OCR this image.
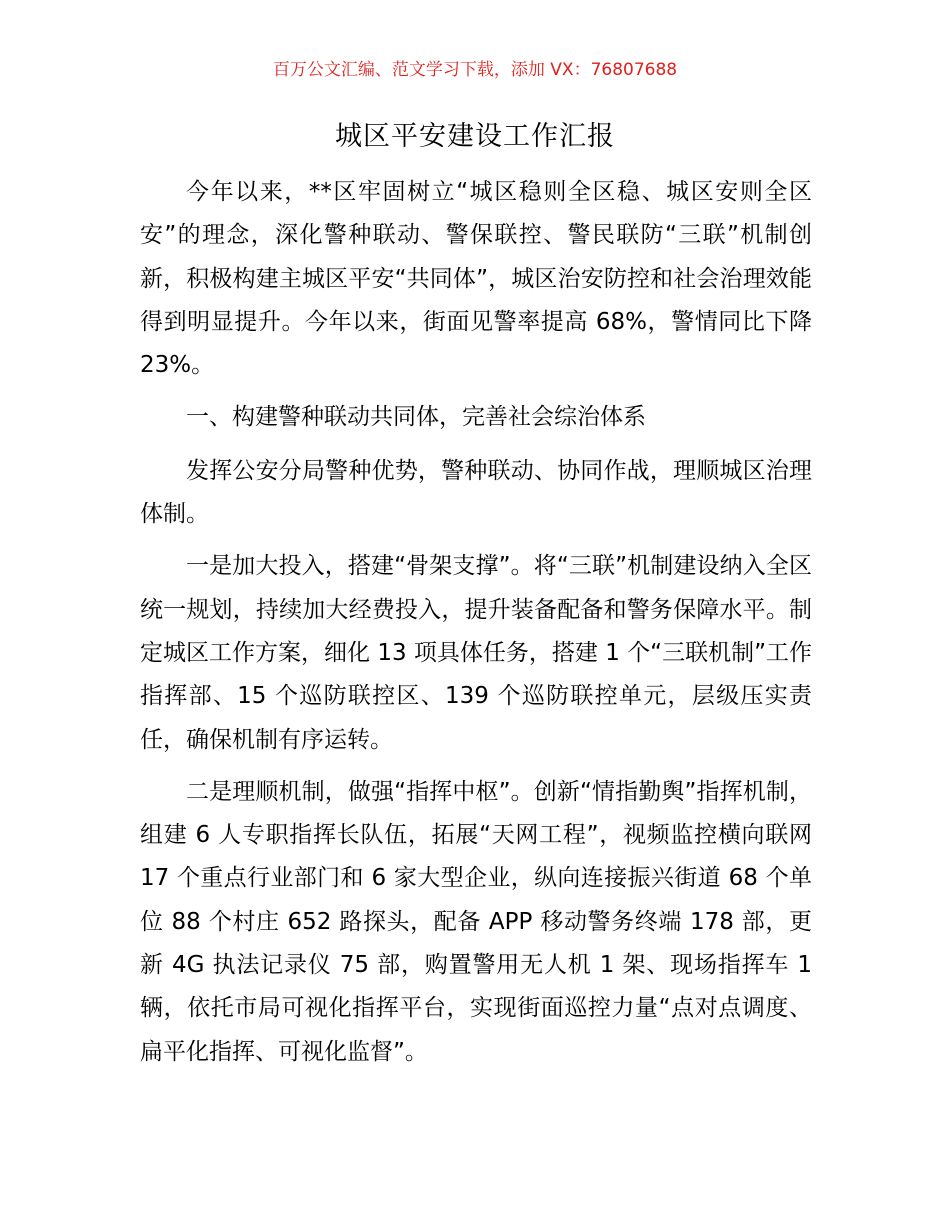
百万公文汇编、范文学习下载，添加 VX：76807688
城区平安建设工作汇报

今年以来，**区牢固树立“城区稳则全区稳、城区安则全区安”的理念，深化警种联动、警保联控、警民联防“三联”机制创新，积极构建主城区平安“共同体”，城区治安防控和社会治理效能得到明显提升。今年以来，街面见警率提高 68%，警情同比下降 23%。

一、构建警种联动共同体，完善社会综治体系

发挥公安分局警种优势，警种联动、协同作战，理顺城区治理体制。

一是加大投入，搭建“骨架支撑”。将“三联”机制建设纳入全区统一规划，持续加大经费投入，提升装备配备和警务保障水平。制定城区工作方案，细化 13 项具体任务，搭建 1 个“三联机制”工作指挥部、15 个巡防联控区、139 个巡防联控单元，层级压实责任，确保机制有序运转。

二是理顺机制，做强“指挥中枢”。创新“情指勤舆”指挥机制，组建 6 人专职指挥长队伍，拓展“天网工程”，视频监控横向联网 17 个重点行业部门和 6 家大型企业，纵向连接振兴街道 68 个单位 88 个村庄 652 路探头，配备 APP 移动警务终端 178 部，更新 4G 执法记录仪 75 部，购置警用无人机 1 架、现场指挥车 1 辆，依托市局可视化指挥平台，实现街面巡控力量“点对点调度、扁平化指挥、可视化监督”。
